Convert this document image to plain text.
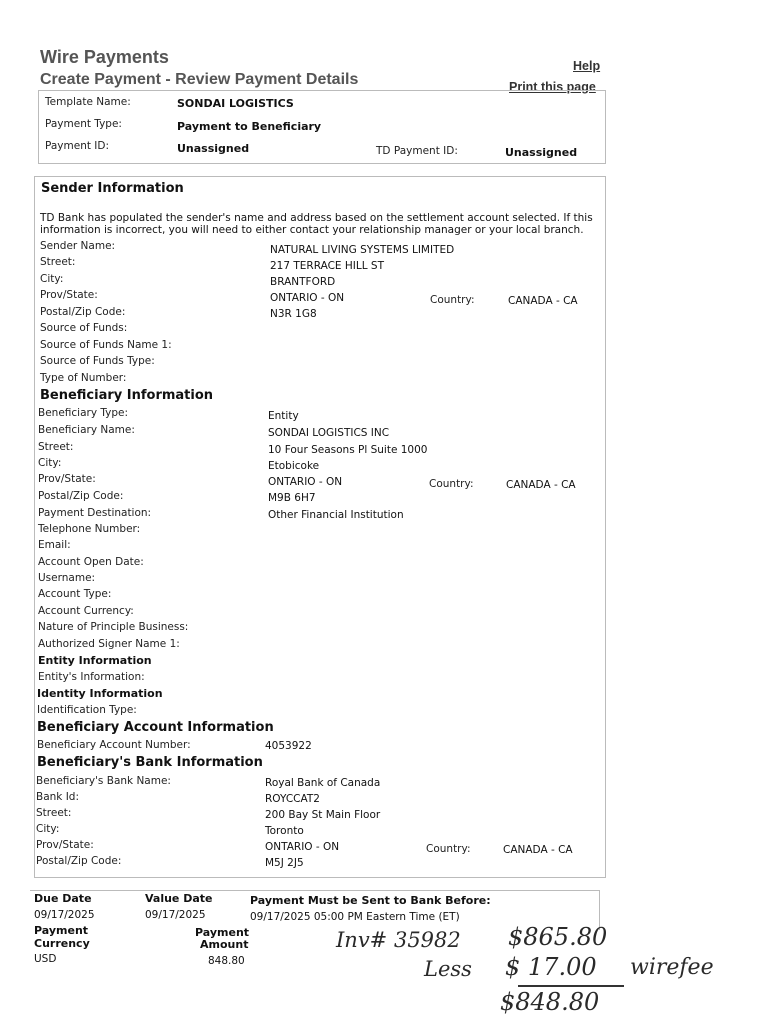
Wire Payments
Create Payment - Review Payment Details
Help
Print this page
Template Name:	SONDAI LOGISTICS
Payment Type:	Payment to Beneficiary
Payment ID:	Unassigned	TD Payment ID:	Unassigned
Sender Information
TD Bank has populated the sender's name and address based on the settlement account selected. If this information is incorrect, you will need to either contact your relationship manager or your local branch.
Sender Name:	NATURAL LIVING SYSTEMS LIMITED
Street:	217 TERRACE HILL ST
City:	BRANTFORD
Prov/State:	ONTARIO - ON	Country:	CANADA - CA
Postal/Zip Code:	N3R 1G8
Source of Funds:
Source of Funds Name 1:
Source of Funds Type:
Type of Number:
Beneficiary Information
Beneficiary Type:	Entity
Beneficiary Name:	SONDAI LOGISTICS INC
Street:	10 Four Seasons Pl Suite 1000
City:	Etobicoke
Prov/State:	ONTARIO - ON	Country:	CANADA - CA
Postal/Zip Code:	M9B 6H7
Payment Destination:	Other Financial Institution
Telephone Number:
Email:
Account Open Date:
Username:
Account Type:
Account Currency:
Nature of Principle Business:
Authorized Signer Name 1:
Entity Information
Entity's Information:
Identity Information
Identification Type:
Beneficiary Account Information
Beneficiary Account Number:	4053922
Beneficiary's Bank Information
Beneficiary's Bank Name:	Royal Bank of Canada
Bank Id:	ROYCCAT2
Street:	200 Bay St Main Floor
City:	Toronto
Prov/State:	ONTARIO - ON	Country:	CANADA - CA
Postal/Zip Code:	M5J 2J5
Due Date
09/17/2025
Value Date
09/17/2025
Payment Must be Sent to Bank Before:
09/17/2025 05:00 PM Eastern Time (ET)
Payment
Currency
USD
Payment
Amount
848.80
Inv# 35982 $865.80
Less $ 17.00 wirefee
$848.80
